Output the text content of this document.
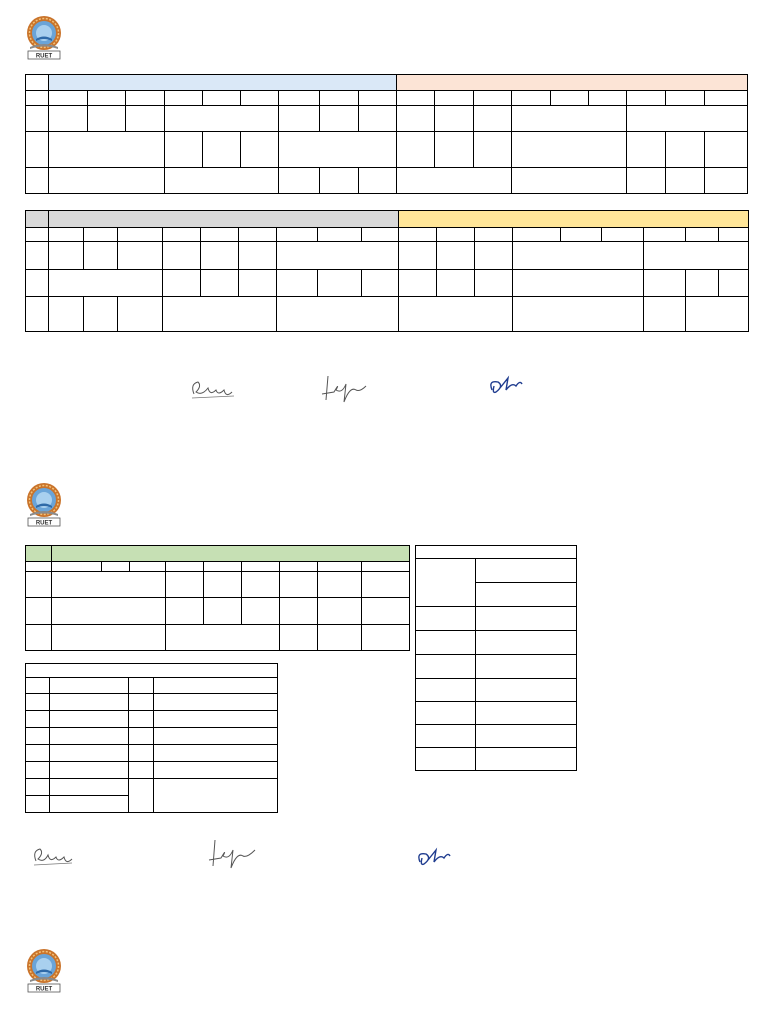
RUET

RUET

RUET
